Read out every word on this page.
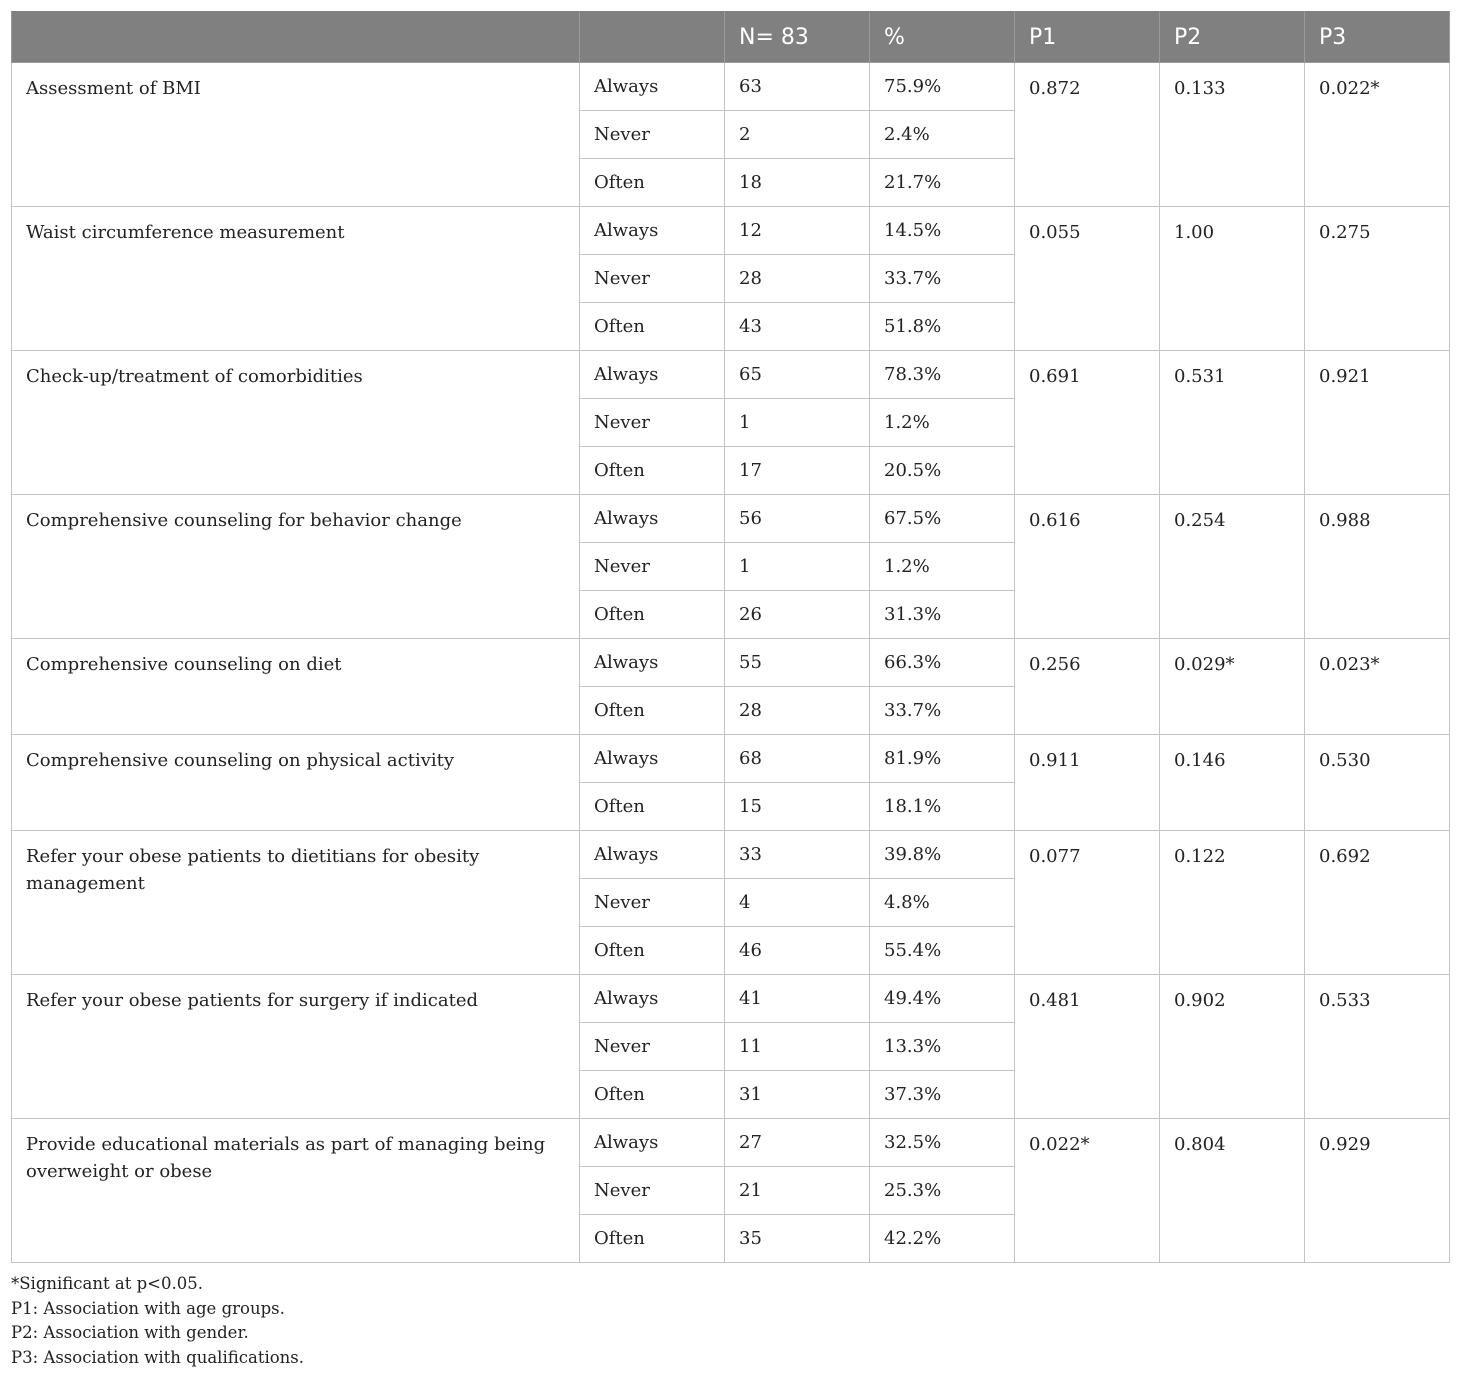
		N= 83	%	P1	P2	P3
Assessment of BMI	Always	63	75.9%	0.872	0.133	0.022*
	Never	2	2.4%			
	Often	18	21.7%			
Waist circumference measurement	Always	12	14.5%	0.055	1.00	0.275
	Never	28	33.7%			
	Often	43	51.8%			
Check-up/treatment of comorbidities	Always	65	78.3%	0.691	0.531	0.921
	Never	1	1.2%			
	Often	17	20.5%			
Comprehensive counseling for behavior change	Always	56	67.5%	0.616	0.254	0.988
	Never	1	1.2%			
	Often	26	31.3%			
Comprehensive counseling on diet	Always	55	66.3%	0.256	0.029*	0.023*
	Often	28	33.7%			
Comprehensive counseling on physical activity	Always	68	81.9%	0.911	0.146	0.530
	Often	15	18.1%			
Refer your obese patients to dietitians for obesity management	Always	33	39.8%	0.077	0.122	0.692
	Never	4	4.8%			
	Often	46	55.4%			
Refer your obese patients for surgery if indicated	Always	41	49.4%	0.481	0.902	0.533
	Never	11	13.3%			
	Often	31	37.3%			
Provide educational materials as part of managing being overweight or obese	Always	27	32.5%	0.022*	0.804	0.929
	Never	21	25.3%			
	Often	35	42.2%			
*Significant at p<0.05.
P1: Association with age groups.
P2: Association with gender.
P3: Association with qualifications.
